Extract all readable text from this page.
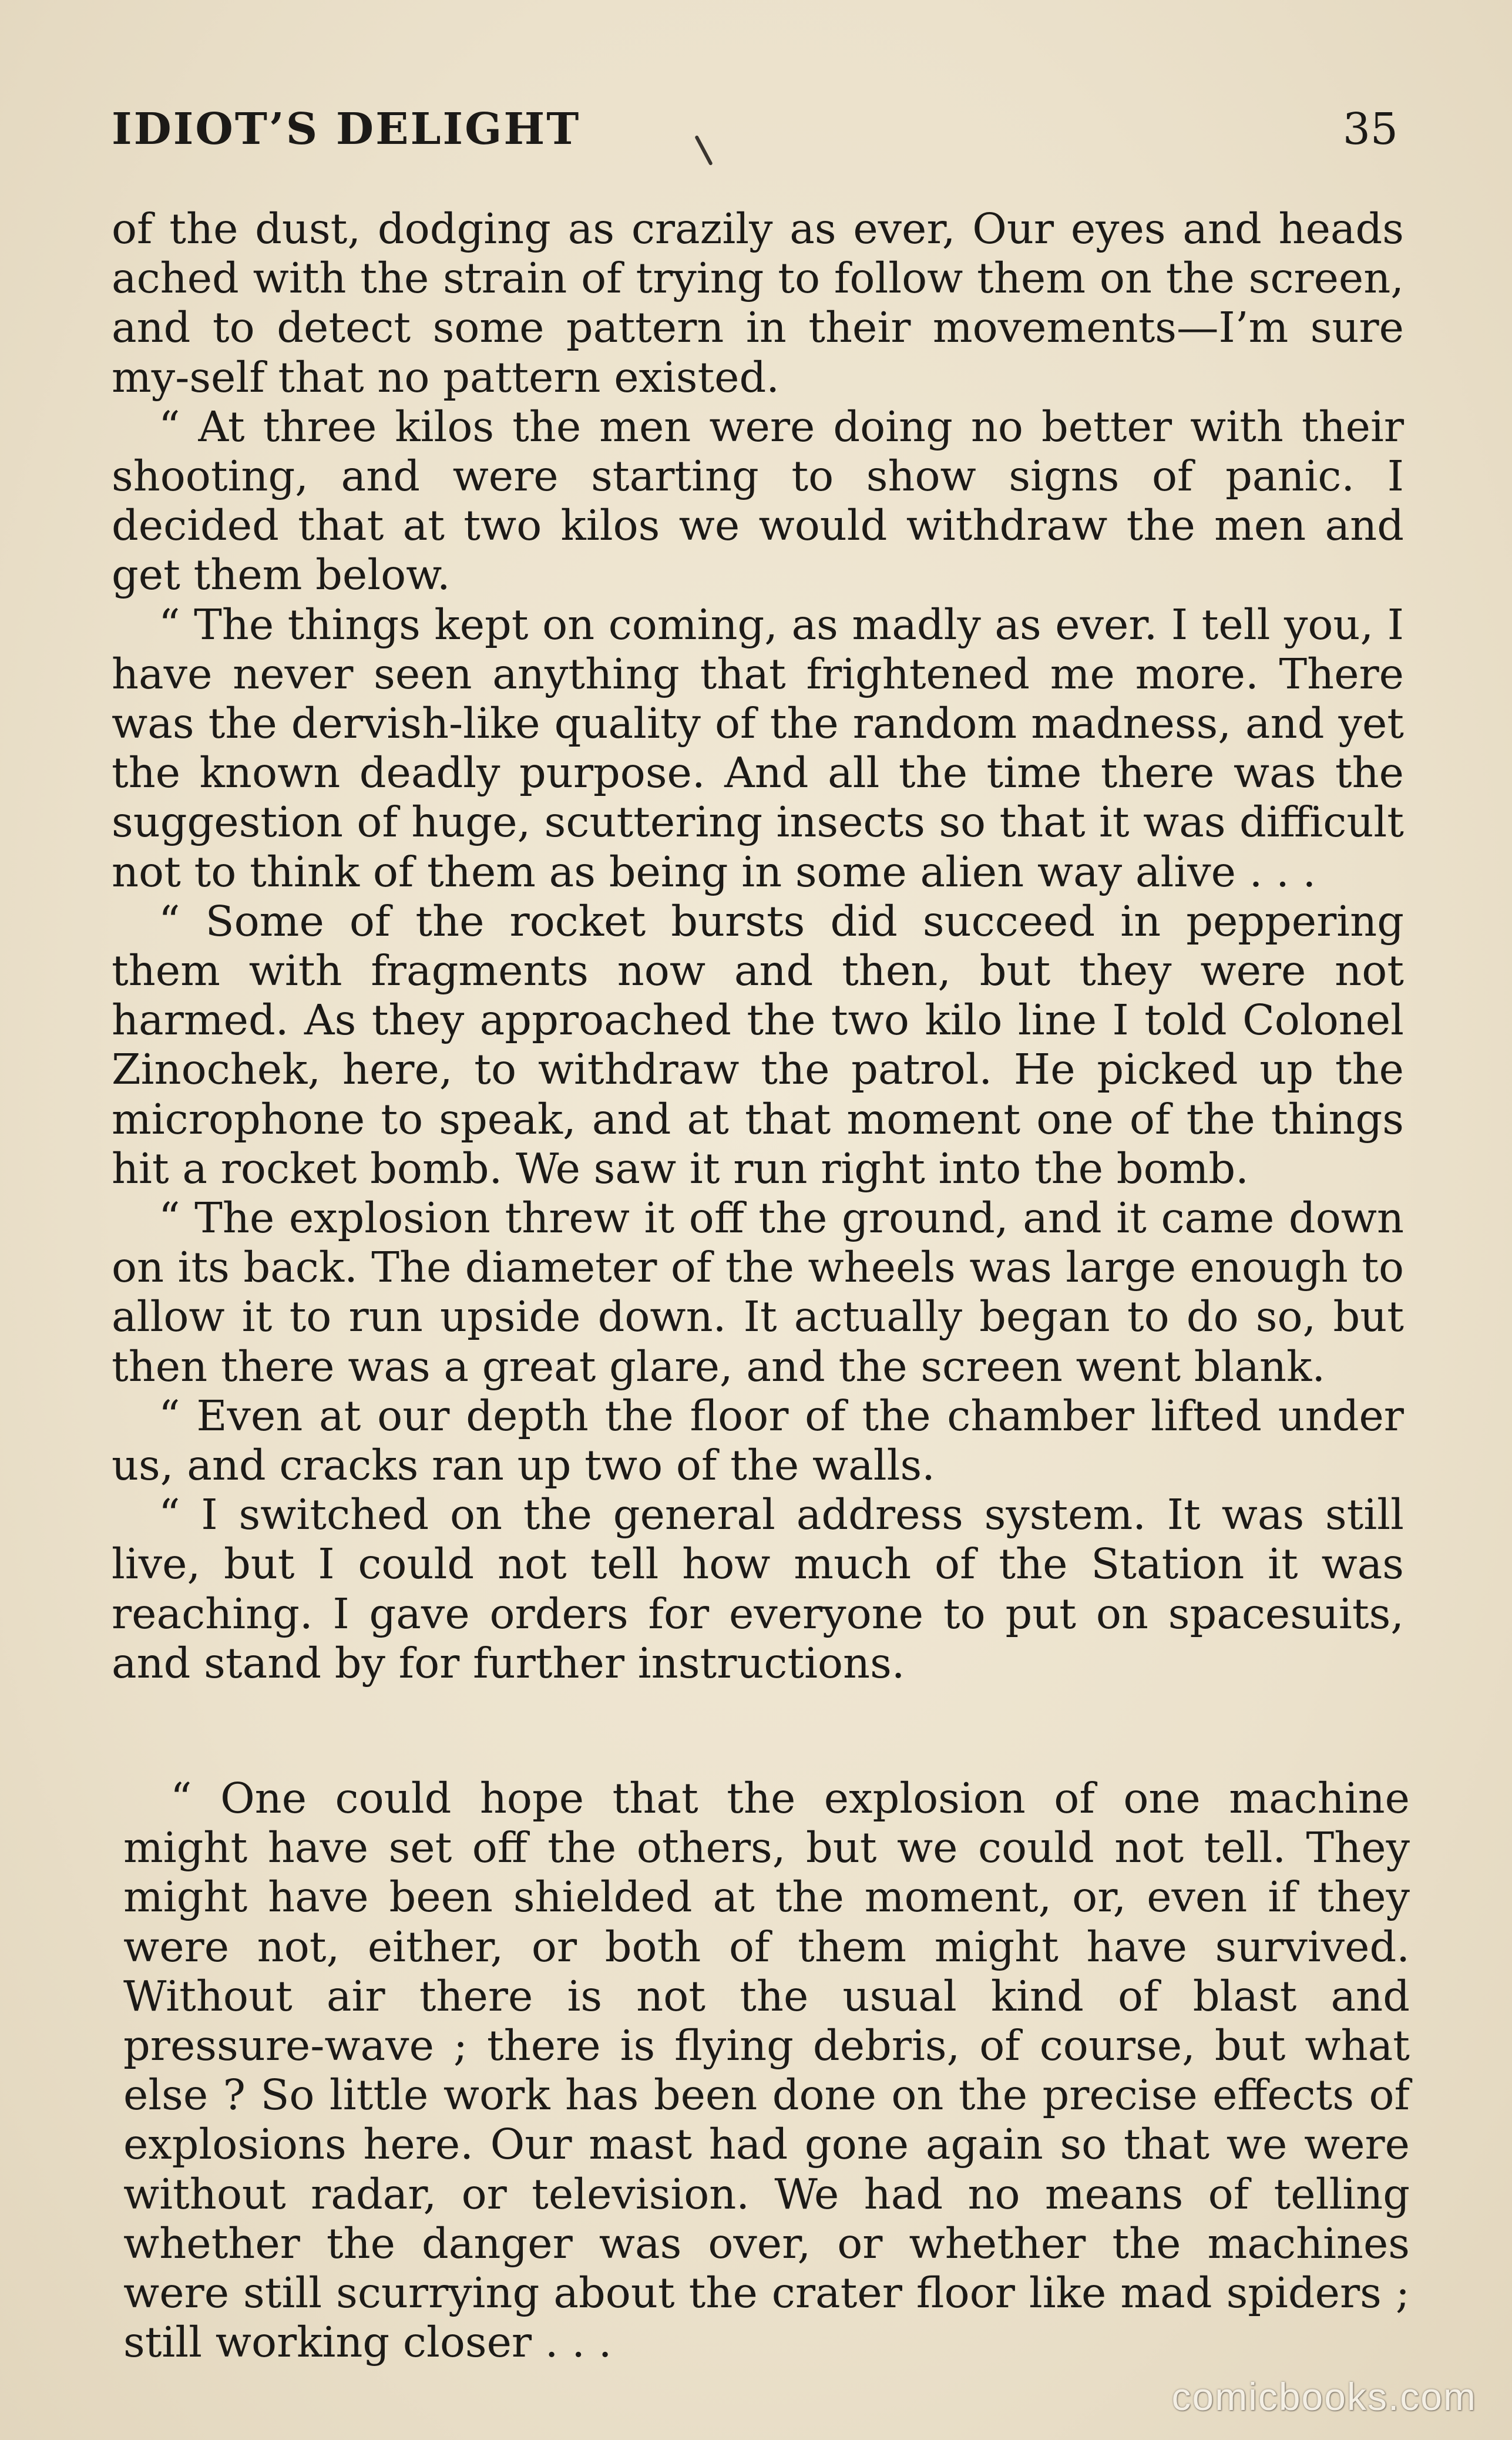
IDIOT’S DELIGHT	35

of the dust, dodging as crazily as ever, Our eyes and heads ached with the strain of trying to follow them on the screen, and to detect some pattern in their movements—I’m sure my-self that no pattern existed.

“ At three kilos the men were doing no better with their shooting, and were starting to show signs of panic. I decided that at two kilos we would withdraw the men and get them below.

“ The things kept on coming, as madly as ever. I tell you, I have never seen anything that frightened me more. There was the dervish-like quality of the random madness, and yet the known deadly purpose. And all the time there was the suggestion of huge, scuttering insects so that it was difficult not to think of them as being in some alien way alive . . .

“ Some of the rocket bursts did succeed in peppering them with fragments now and then, but they were not harmed. As they approached the two kilo line I told Colonel Zinochek, here, to withdraw the patrol. He picked up the microphone to speak, and at that moment one of the things hit a rocket bomb. We saw it run right into the bomb.

“ The explosion threw it off the ground, and it came down on its back. The diameter of the wheels was large enough to allow it to run upside down. It actually began to do so, but then there was a great glare, and the screen went blank.

“ Even at our depth the floor of the chamber lifted under us, and cracks ran up two of the walls.

“ I switched on the general address system. It was still live, but I could not tell how much of the Station it was reaching. I gave orders for everyone to put on spacesuits, and stand by for further instructions.

“ One could hope that the explosion of one machine might have set off the others, but we could not tell. They might have been shielded at the moment, or, even if they were not, either, or both of them might have survived. Without air there is not the usual kind of blast and pressure-wave ; there is flying debris, of course, but what else ? So little work has been done on the precise effects of explosions here. Our mast had gone again so that we were without radar, or television. We had no means of telling whether the danger was over, or whether the machines were still scurrying about the crater floor like mad spiders ; still working closer . . .

comicbooks.com
